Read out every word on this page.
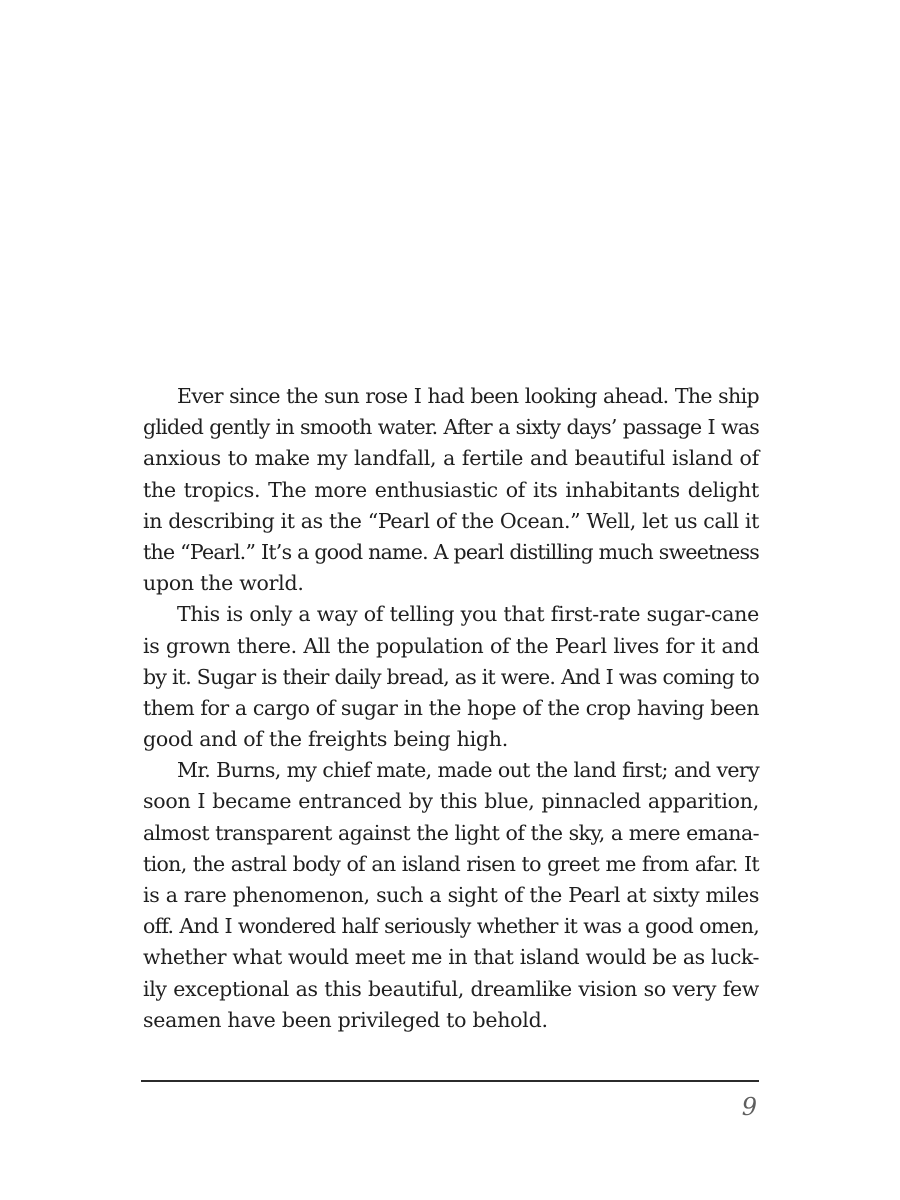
Ever since the sun rose I had been looking ahead. The ship
glided gently in smooth water. After a sixty days’ passage I was
anxious to make my landfall, a fertile and beautiful island of
the tropics. The more enthusiastic of its inhabitants delight
in describing it as the “Pearl of the Ocean.” Well, let us call it
the “Pearl.” It’s a good name. A pearl distilling much sweetness
upon the world.
This is only a way of telling you that first-rate sugar-cane
is grown there. All the population of the Pearl lives for it and
by it. Sugar is their daily bread, as it were. And I was coming to
them for a cargo of sugar in the hope of the crop having been
good and of the freights being high.
Mr. Burns, my chief mate, made out the land first; and very
soon I became entranced by this blue, pinnacled apparition,
almost transparent against the light of the sky, a mere emana-
tion, the astral body of an island risen to greet me from afar. It
is a rare phenomenon, such a sight of the Pearl at sixty miles
off. And I wondered half seriously whether it was a good omen,
whether what would meet me in that island would be as luck-
ily exceptional as this beautiful, dreamlike vision so very few
seamen have been privileged to behold.
9
